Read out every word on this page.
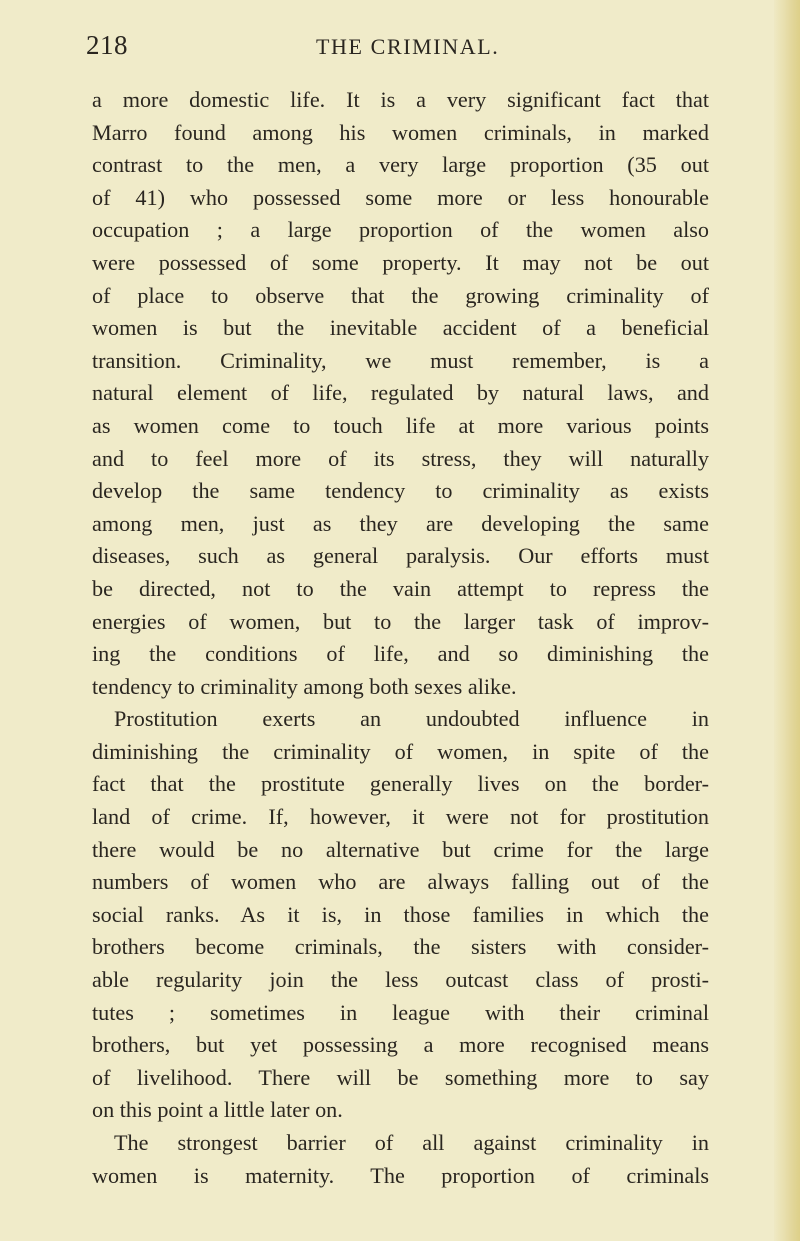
218	THE CRIMINAL.
a more domestic life. It is a very significant fact that
Marro found among his women criminals, in marked
contrast to the men, a very large proportion (35 out
of 41) who possessed some more or less honourable
occupation ; a large proportion of the women also
were possessed of some property. It may not be out
of place to observe that the growing criminality of
women is but the inevitable accident of a beneficial
transition. Criminality, we must remember, is a
natural element of life, regulated by natural laws, and
as women come to touch life at more various points
and to feel more of its stress, they will naturally
develop the same tendency to criminality as exists
among men, just as they are developing the same
diseases, such as general paralysis. Our efforts must
be directed, not to the vain attempt to repress the
energies of women, but to the larger task of improv-
ing the conditions of life, and so diminishing the
tendency to criminality among both sexes alike.
Prostitution exerts an undoubted influence in
diminishing the criminality of women, in spite of the
fact that the prostitute generally lives on the border-
land of crime. If, however, it were not for prostitution
there would be no alternative but crime for the large
numbers of women who are always falling out of the
social ranks. As it is, in those families in which the
brothers become criminals, the sisters with consider-
able regularity join the less outcast class of prosti-
tutes ; sometimes in league with their criminal
brothers, but yet possessing a more recognised means
of livelihood. There will be something more to say
on this point a little later on.
The strongest barrier of all against criminality in
women is maternity. The proportion of criminals
